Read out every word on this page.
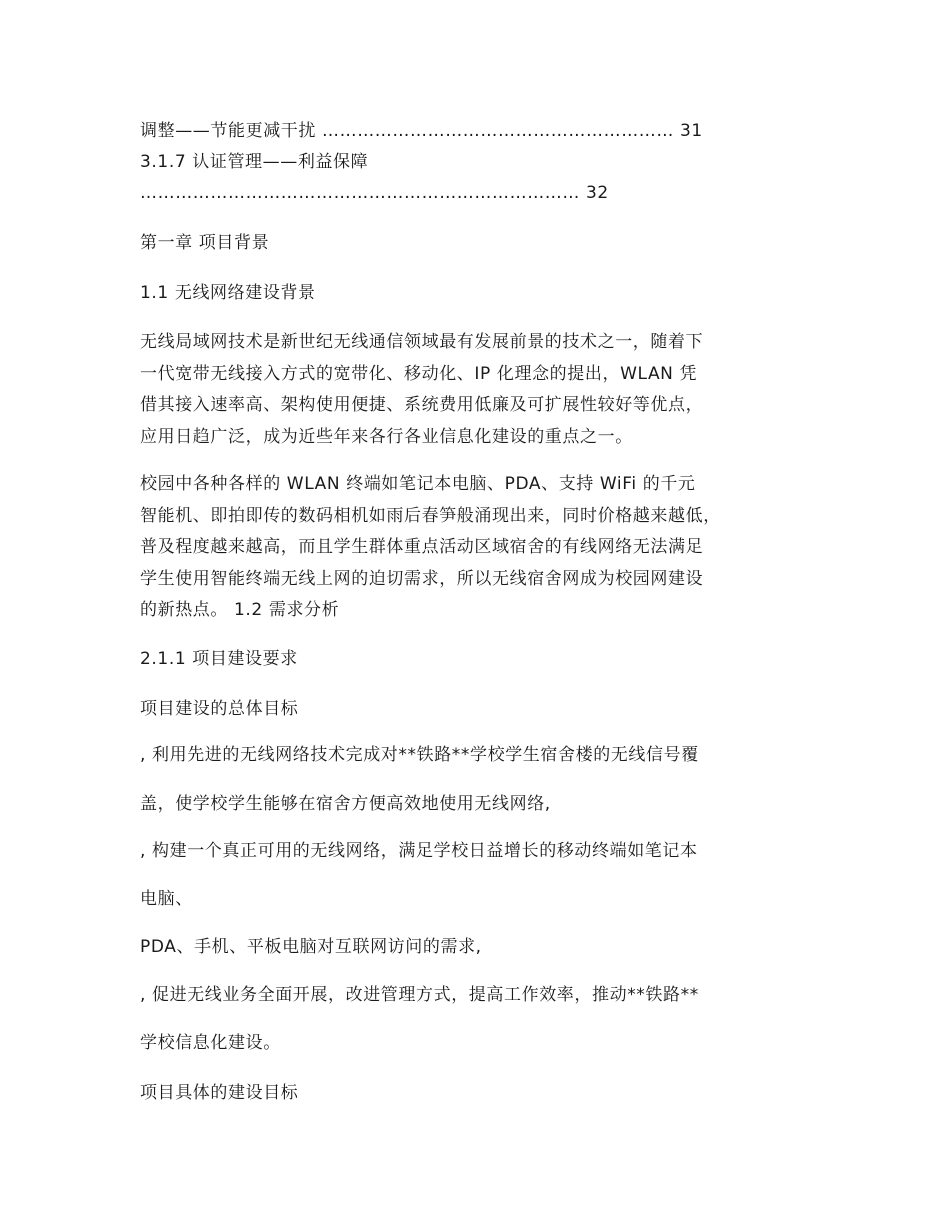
调整——节能更减干扰 …………………………………………………… 31

3.1.7 认证管理——利益保障

………………………………………………………………… 32

第一章 项目背景

1.1 无线网络建设背景

无线局域网技术是新世纪无线通信领域最有发展前景的技术之一，随着下
一代宽带无线接入方式的宽带化、移动化、IP 化理念的提出，WLAN 凭
借其接入速率高、架构使用便捷、系统费用低廉及可扩展性较好等优点，
应用日趋广泛，成为近些年来各行各业信息化建设的重点之一。
校园中各种各样的 WLAN 终端如笔记本电脑、PDA、支持 WiFi 的千元
智能机、即拍即传的数码相机如雨后春笋般涌现出来，同时价格越来越低，
普及程度越来越高，而且学生群体重点活动区域宿舍的有线网络无法满足
学生使用智能终端无线上网的迫切需求，所以无线宿舍网成为校园网建设
的新热点。 1.2 需求分析

2.1.1 项目建设要求

项目建设的总体目标

, 利用先进的无线网络技术完成对**铁路**学校学生宿舍楼的无线信号覆

盖，使学校学生能够在宿舍方便高效地使用无线网络,

, 构建一个真正可用的无线网络，满足学校日益增长的移动终端如笔记本

电脑、

PDA、手机、平板电脑对互联网访问的需求,

, 促进无线业务全面开展，改进管理方式，提高工作效率，推动**铁路**

学校信息化建设。

项目具体的建设目标
